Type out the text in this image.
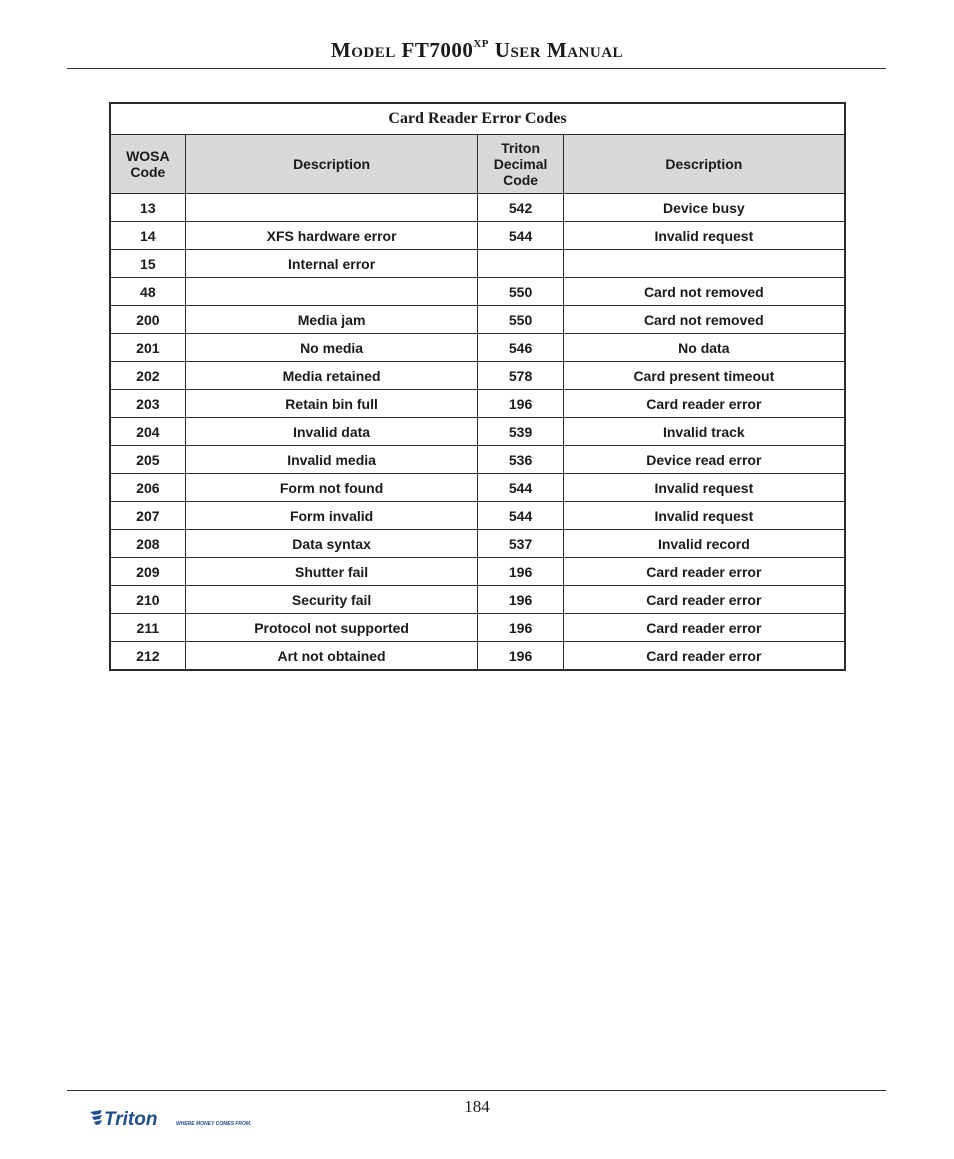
MODEL $FT7000^{XP}$ USER MANUAL
Card Reader Error Codes			
WOSA Code	Description	Triton Decimal Code	Description
13		542	Device busy
14	XFS hardware error	544	Invalid request
15	Internal error		
48		550	Card not removed
200	Media jam	550	Card not removed
201	No media	546	No data
202	Media retained	578	Card present timeout
203	Retain bin full	196	Card reader error
204	Invalid data	539	Invalid track
205	Invalid media	536	Device read error
206	Form not found	544	Invalid request
207	Form invalid	544	Invalid request
208	Data syntax	537	Invalid record
209	Shutter fail	196	Card reader error
210	Security fail	196	Card reader error
211	Protocol not supported	196	Card reader error
212	Art not obtained	196	Card reader error
184
Triton	WHERE MONEY COMES FROM.
